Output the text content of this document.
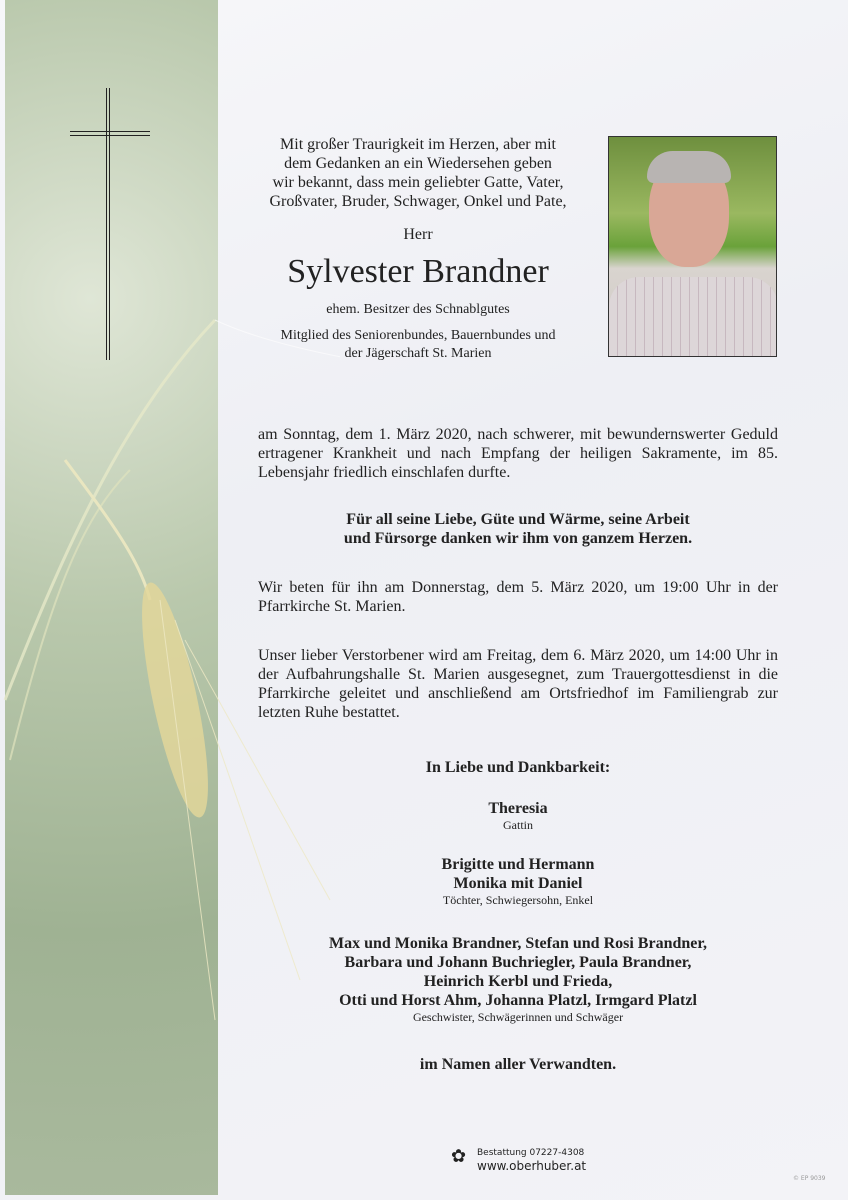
Mit großer Traurigkeit im Herzen, aber mit
dem Gedanken an ein Wiedersehen geben
wir bekannt, dass mein geliebter Gatte, Vater,
Großvater, Bruder, Schwager, Onkel und Pate,
Herr
Sylvester Brandner
ehem. Besitzer des Schnablgutes
Mitglied des Seniorenbundes, Bauernbundes und
der Jägerschaft St. Marien
am Sonntag, dem 1. März 2020, nach schwerer, mit bewundernswerter Geduld ertragener Krankheit und nach Empfang der heiligen Sakramente, im 85. Lebensjahr friedlich einschlafen durfte.
Für all seine Liebe, Güte und Wärme, seine Arbeit
und Fürsorge danken wir ihm von ganzem Herzen.
Wir beten für ihn am Donnerstag, dem 5. März 2020, um 19:00 Uhr in der Pfarrkirche St. Marien.
Unser lieber Verstorbener wird am Freitag, dem 6. März 2020, um 14:00 Uhr in der Aufbahrungshalle St. Marien ausgesegnet, zum Trauergottesdienst in die Pfarrkirche geleitet und anschließend am Ortsfriedhof im Familiengrab zur letzten Ruhe bestattet.
In Liebe und Dankbarkeit:
Theresia
Gattin
Brigitte und Hermann
Monika mit Daniel
Töchter, Schwiegersohn, Enkel
Max und Monika Brandner, Stefan und Rosi Brandner,
Barbara und Johann Buchriegler, Paula Brandner,
Heinrich Kerbl und Frieda,
Otti und Horst Ahm, Johanna Platzl, Irmgard Platzl
Geschwister, Schwägerinnen und Schwäger
im Namen aller Verwandten.
✿	Bestattung 07227-4308
www.oberhuber.at
© EP 9039
